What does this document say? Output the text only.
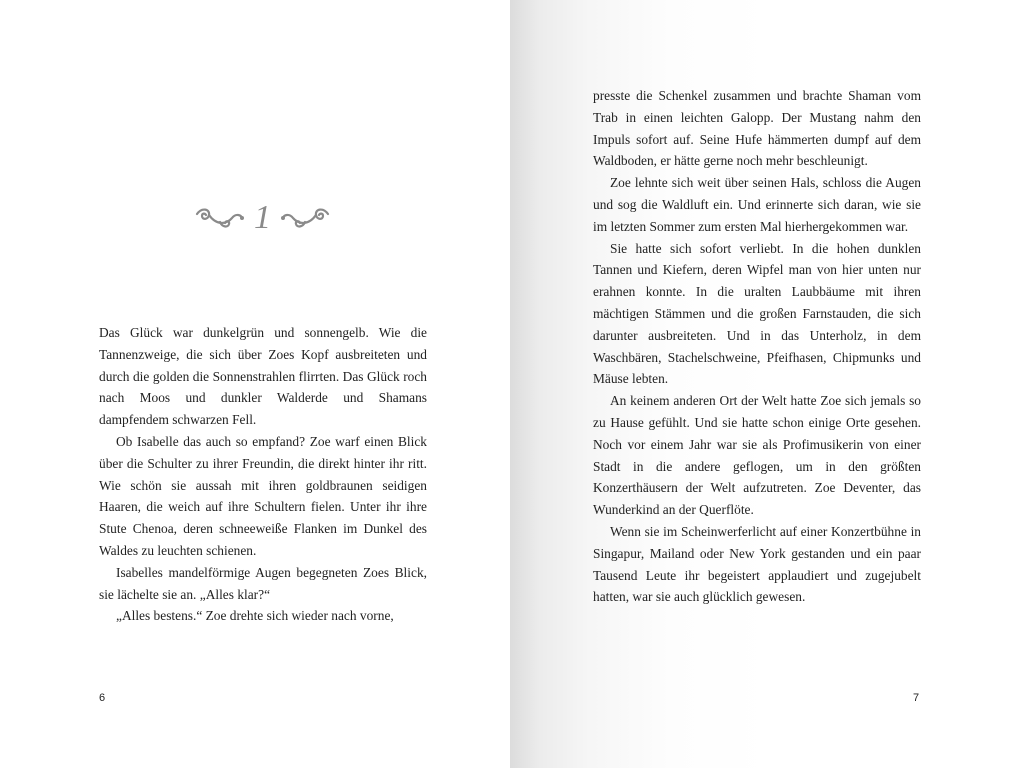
1

Das Glück war dunkelgrün und sonnengelb. Wie die Tannenzweige, die sich über Zoes Kopf ausbreiteten und durch die golden die Sonnenstrahlen flirrten. Das Glück roch nach Moos und dunkler Walderde und Shamans dampfendem schwarzen Fell.

Ob Isabelle das auch so empfand? Zoe warf einen Blick über die Schulter zu ihrer Freundin, die direkt hinter ihr ritt. Wie schön sie aussah mit ihren goldbraunen seidigen Haaren, die weich auf ihre Schultern fielen. Unter ihr ihre Stute Chenoa, deren schneeweiße Flanken im Dunkel des Waldes zu leuchten schienen.

Isabelles mandelförmige Augen begegneten Zoes Blick, sie lächelte sie an. „Alles klar?“

„Alles bestens.“ Zoe drehte sich wieder nach vorne,

6	7

presste die Schenkel zusammen und brachte Shaman vom Trab in einen leichten Galopp. Der Mustang nahm den Impuls sofort auf. Seine Hufe hämmerten dumpf auf dem Waldboden, er hätte gerne noch mehr beschleunigt.

Zoe lehnte sich weit über seinen Hals, schloss die Augen und sog die Waldluft ein. Und erinnerte sich daran, wie sie im letzten Sommer zum ersten Mal hierhergekommen war.

Sie hatte sich sofort verliebt. In die hohen dunklen Tannen und Kiefern, deren Wipfel man von hier unten nur erahnen konnte. In die uralten Laubbäume mit ihren mächtigen Stämmen und die großen Farnstauden, die sich darunter ausbreiteten. Und in das Unterholz, in dem Waschbären, Stachelschweine, Pfeifhasen, Chipmunks und Mäuse lebten.

An keinem anderen Ort der Welt hatte Zoe sich jemals so zu Hause gefühlt. Und sie hatte schon einige Orte gesehen. Noch vor einem Jahr war sie als Profimusikerin von einer Stadt in die andere geflogen, um in den größten Konzerthäusern der Welt aufzutreten. Zoe Deventer, das Wunderkind an der Querflöte.

Wenn sie im Scheinwerferlicht auf einer Konzertbühne in Singapur, Mailand oder New York gestanden und ein paar Tausend Leute ihr begeistert applaudiert und zugejubelt hatten, war sie auch glücklich gewesen.
